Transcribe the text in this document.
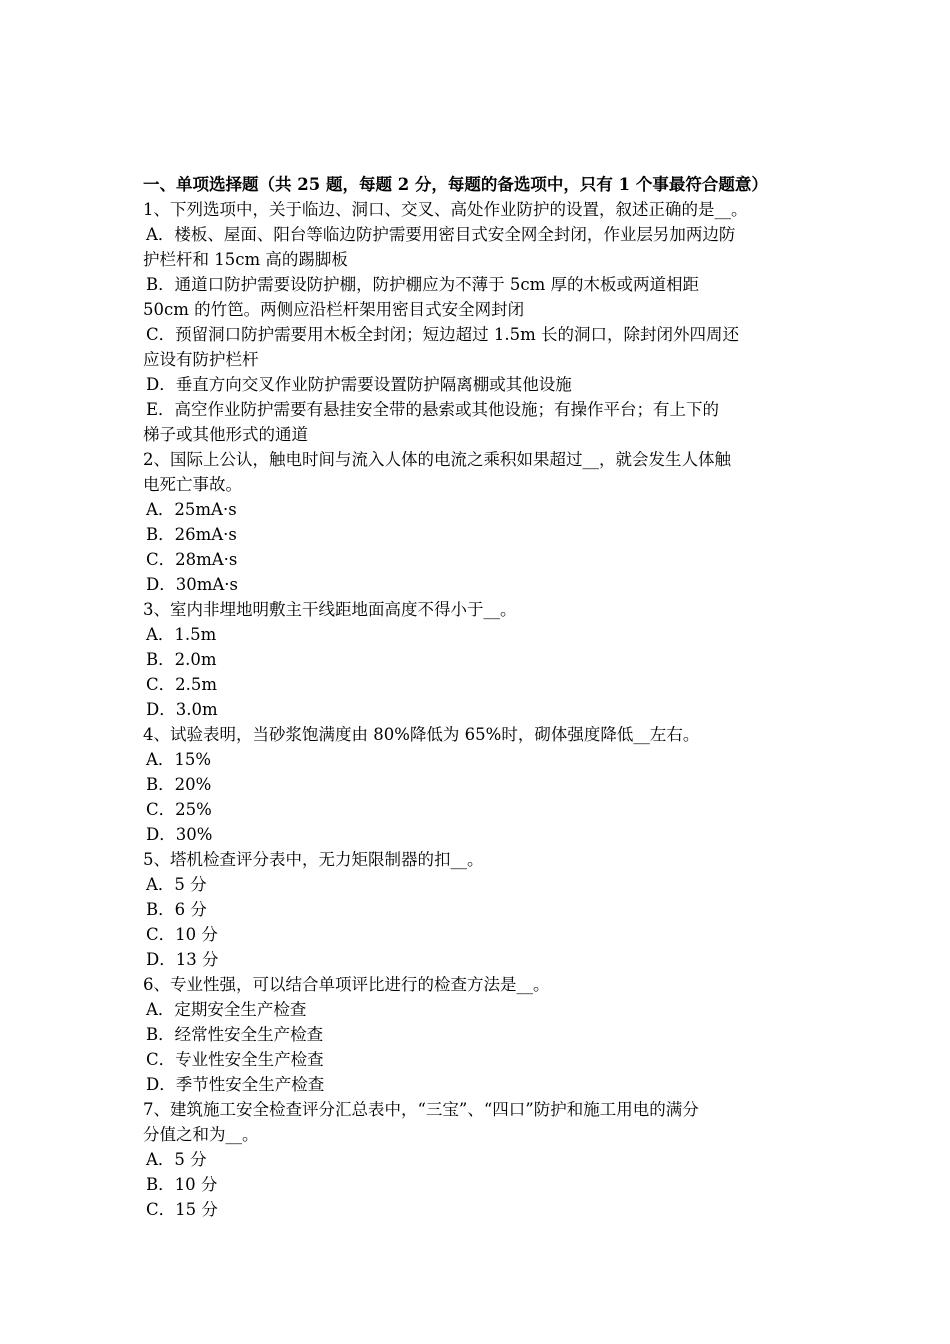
一、单项选择题（共 25 题，每题 2 分，每题的备选项中，只有 1 个事最符合题意）
1、下列选项中，关于临边、洞口、交叉、高处作业防护的设置，叙述正确的是__。
A．楼板、屋面、阳台等临边防护需要用密目式安全网全封闭，作业层另加两边防
护栏杆和 15cm 高的踢脚板
B．通道口防护需要设防护棚，防护棚应为不薄于 5cm 厚的木板或两道相距
50cm 的竹笆。两侧应沿栏杆架用密目式安全网封闭
C．预留洞口防护需要用木板全封闭；短边超过 1.5m 长的洞口，除封闭外四周还
应设有防护栏杆
D．垂直方向交叉作业防护需要设置防护隔离棚或其他设施
E．高空作业防护需要有悬挂安全带的悬索或其他设施；有操作平台；有上下的
梯子或其他形式的通道
2、国际上公认，触电时间与流入人体的电流之乘积如果超过__，就会发生人体触
电死亡事故。
A．25mA·s
B．26mA·s
C．28mA·s
D．30mA·s
3、室内非埋地明敷主干线距地面高度不得小于__。
A．1.5m
B．2.0m
C．2.5m
D．3.0m
4、试验表明，当砂浆饱满度由 80%降低为 65%时，砌体强度降低__左右。
A．15%
B．20%
C．25%
D．30%
5、塔机检查评分表中，无力矩限制器的扣__。
A．5 分
B．6 分
C．10 分
D．13 分
6、专业性强，可以结合单项评比进行的检查方法是__。
A．定期安全生产检查
B．经常性安全生产检查
C．专业性安全生产检查
D．季节性安全生产检查
7、建筑施工安全检查评分汇总表中，“三宝”、“四口”防护和施工用电的满分
分值之和为__。
A．5 分
B．10 分
C．15 分
